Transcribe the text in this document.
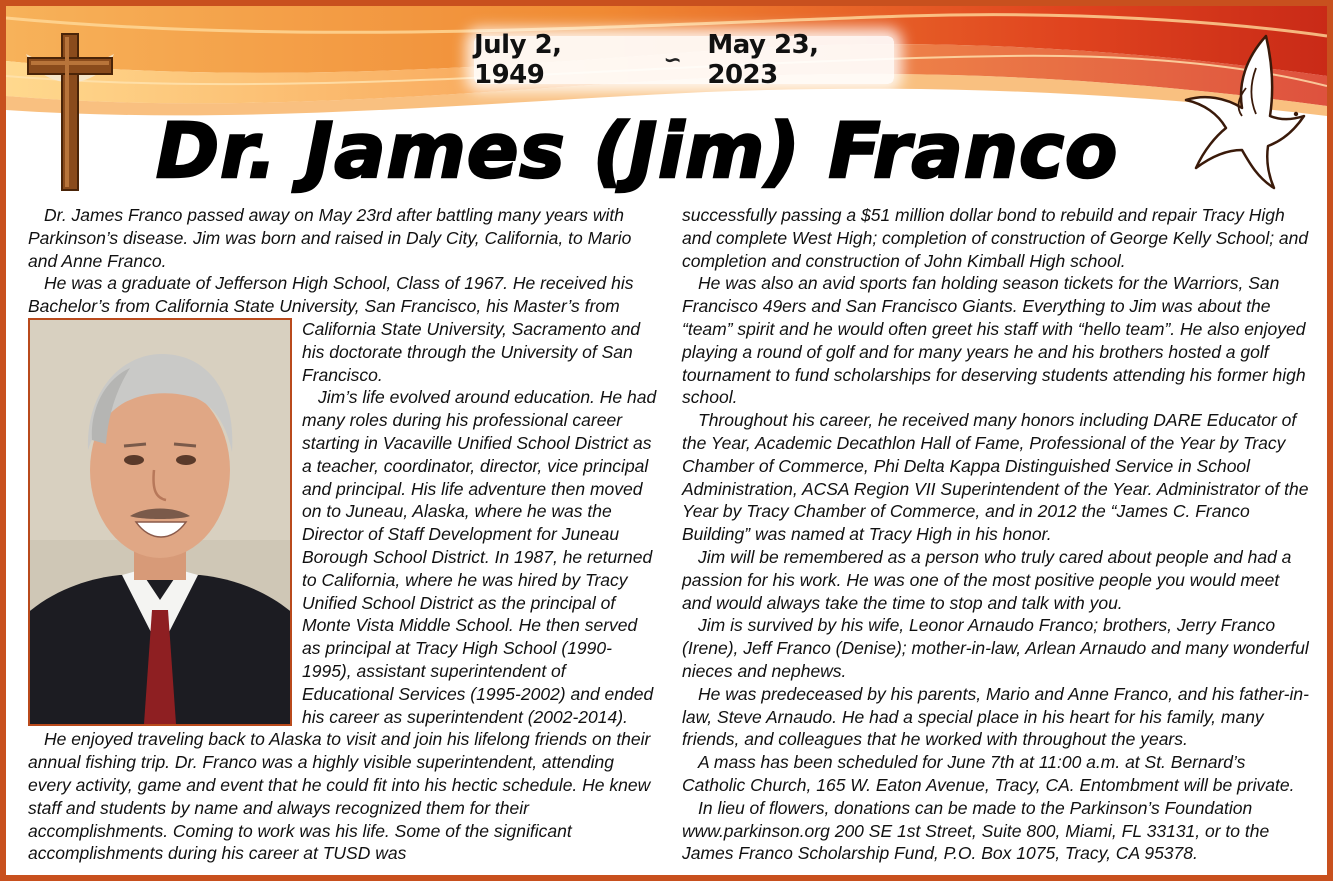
July 2, 1949	∽ May 23, 2023
Dr. James (Jim) Franco

Dr. James Franco passed away on May 23rd after battling many years with Parkinson’s disease. Jim was born and raised in Daly City, California, to Mario and Anne Franco.

He was a graduate of Jefferson High School, Class of 1967. He received his Bachelor’s from California State University, San Francisco, his Master’s from

California State University, Sacramento and his doctorate through the University of San Francisco.

Jim’s life evolved around education. He had many roles during his professional career starting in Vacaville Unified School District as a teacher, coordinator, director, vice principal and principal. His life adventure then moved on to Juneau, Alaska, where he was the Director of Staff Development for Juneau Borough School District. In 1987, he returned to California, where he was hired by Tracy Unified School District as the principal of Monte Vista Middle School. He then served as principal at Tracy High School (1990-1995), assistant superintendent of Educational Services (1995-2002) and ended his career as superintendent (2002-2014).

He enjoyed traveling back to Alaska to visit and join his lifelong friends on their annual fishing trip. Dr. Franco was a highly visible superintendent, attending every activity, game and event that he could fit into his hectic schedule. He knew staff and students by name and always recognized them for their accomplishments. Coming to work was his life. Some of the significant accomplishments during his career at TUSD was

successfully passing a $51 million dollar bond to rebuild and repair Tracy High and complete West High; completion of construction of George Kelly School; and completion and construction of John Kimball High school.

He was also an avid sports fan holding season tickets for the Warriors, San Francisco 49ers and San Francisco Giants. Everything to Jim was about the “team” spirit and he would often greet his staff with “hello team”. He also enjoyed playing a round of golf and for many years he and his brothers hosted a golf tournament to fund scholarships for deserving students attending his former high school.

Throughout his career, he received many honors including DARE Educator of the Year, Academic Decathlon Hall of Fame, Professional of the Year by Tracy Chamber of Commerce, Phi Delta Kappa Distinguished Service in School Administration, ACSA Region VII Superintendent of the Year. Administrator of the Year by Tracy Chamber of Commerce, and in 2012 the “James C. Franco Building” was named at Tracy High in his honor.

Jim will be remembered as a person who truly cared about people and had a passion for his work. He was one of the most positive people you would meet and would always take the time to stop and talk with you.

Jim is survived by his wife, Leonor Arnaudo Franco; brothers, Jerry Franco (Irene), Jeff Franco (Denise); mother-in-law, Arlean Arnaudo and many wonderful nieces and nephews.

He was predeceased by his parents, Mario and Anne Franco, and his father-in-law, Steve Arnaudo. He had a special place in his heart for his family, many friends, and colleagues that he worked with throughout the years.

A mass has been scheduled for June 7th at 11:00 a.m. at St. Bernard’s Catholic Church, 165 W. Eaton Avenue, Tracy, CA. Entombment will be private.

In lieu of flowers, donations can be made to the Parkinson’s Foundation www.parkinson.org 200 SE 1st Street, Suite 800, Miami, FL 33131, or to the James Franco Scholarship Fund, P.O. Box 1075, Tracy, CA 95378.
